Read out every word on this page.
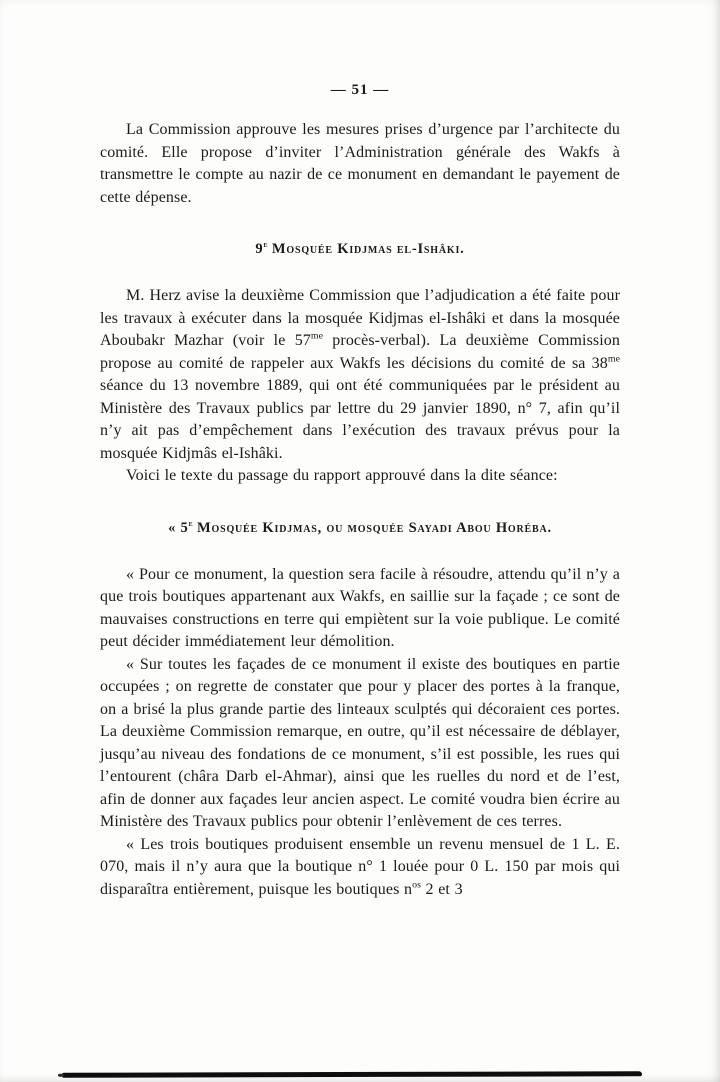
— 51 —

La Commission approuve les mesures prises d’urgence par l’architecte du comité. Elle propose d’inviter l’Administration générale des Wakfs à transmettre le compte au nazir de ce monument en demandant le payement de cette dépense.

9e Mosquée Kidjmas el-Ishâki.

M. Herz avise la deuxième Commission que l’adjudication a été faite pour les travaux à exécuter dans la mosquée Kidjmas el-Ishâki et dans la mosquée Aboubakr Mazhar (voir le $57^{me}$ procès-verbal). La deuxième Commission propose au comité de rappeler aux Wakfs les décisions du comité de sa $38^{me}$ séance du 13 novembre 1889, qui ont été communiquées par le président au Ministère des Travaux publics par lettre du 29 janvier 1890, n° 7, afin qu’il n’y ait pas d’empêchement dans l’exécution des travaux prévus pour la mosquée Kidjmâs el-Ishâki.

Voici le texte du passage du rapport approuvé dans la dite séance:

« 5e Mosquée Kidjmas, ou mosquée Sayadi Abou Horéba.

« Pour ce monument, la question sera facile à résoudre, attendu qu’il n’y a que trois boutiques appartenant aux Wakfs, en saillie sur la façade ; ce sont de mauvaises constructions en terre qui empiètent sur la voie publique. Le comité peut décider immédiatement leur démolition.

« Sur toutes les façades de ce monument il existe des boutiques en partie occupées ; on regrette de constater que pour y placer des portes à la franque, on a brisé la plus grande partie des linteaux sculptés qui décoraient ces portes. La deuxième Commission remarque, en outre, qu’il est nécessaire de déblayer, jusqu’au niveau des fondations de ce monument, s’il est possible, les rues qui l’entourent (châra Darb el-Ahmar), ainsi que les ruelles du nord et de l’est, afin de donner aux façades leur ancien aspect. Le comité voudra bien écrire au Ministère des Travaux publics pour obtenir l’enlèvement de ces terres.

« Les trois boutiques produisent ensemble un revenu mensuel de 1 L. E. 070, mais il n’y aura que la boutique n° 1 louée pour 0 L. 150 par mois qui disparaîtra entièrement, puisque les boutiques $n^{os}$ 2 et 3
